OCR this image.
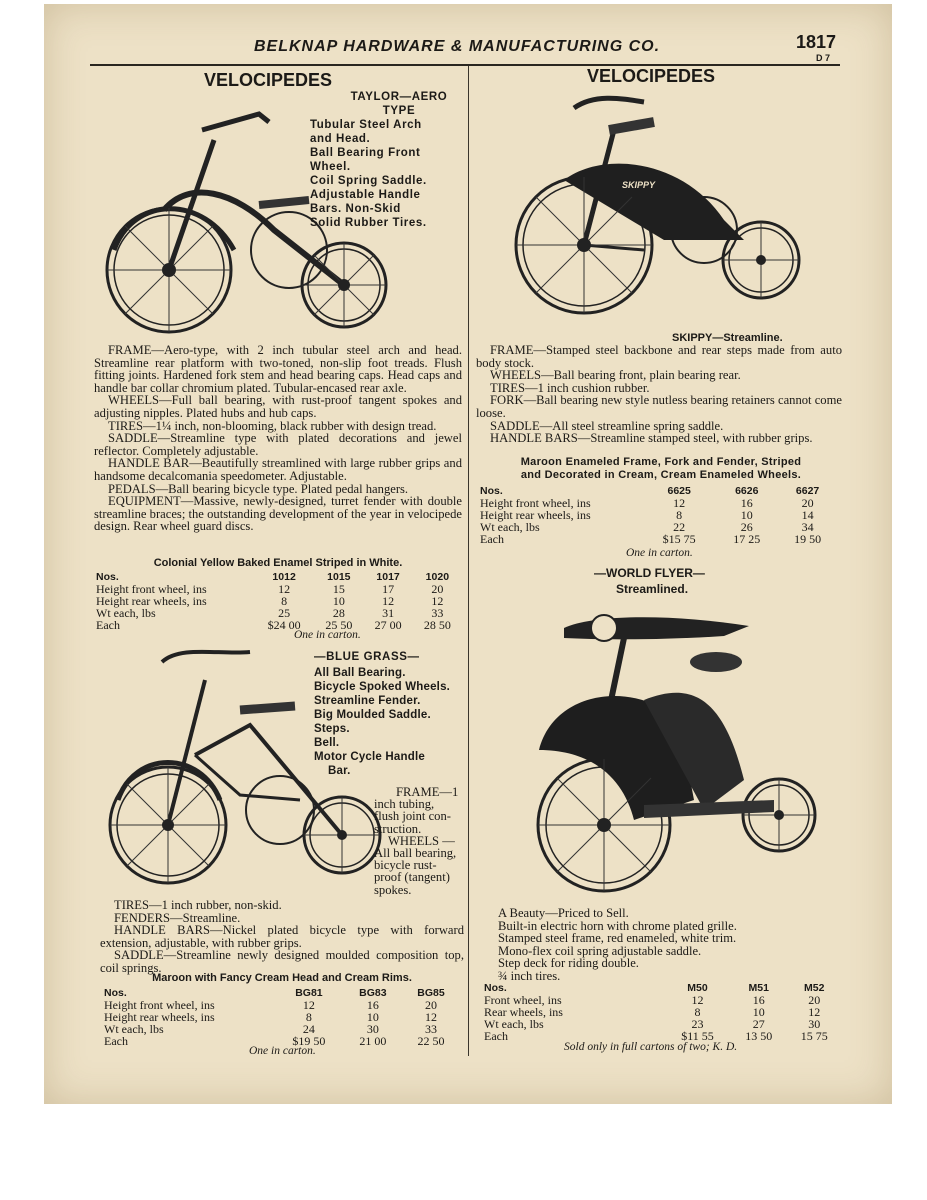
BELKNAP HARDWARE & MANUFACTURING CO.	1817
D 7
VELOCIPEDES
TAYLOR—AERO
TYPE
Tubular Steel Arch
and Head.
Ball Bearing Front
Wheel.
Coil Spring Saddle.
Adjustable Handle
Bars. Non-Skid
Solid Rubber Tires.

FRAME—Aero-type, with 2 inch tubular steel arch and head. Streamline rear platform with two-toned, non-slip foot treads. Flush fitting joints. Hardened fork stem and head bearing caps. Head caps and handle bar collar chromium plated. Tubular-encased rear axle.

WHEELS—Full ball bearing, with rust-proof tangent spokes and adjusting nipples. Plated hubs and hub caps.

TIRES—1¼ inch, non-blooming, black rubber with design tread.

SADDLE—Streamline type with plated decorations and jewel reflector. Completely adjustable.

HANDLE BAR—Beautifully streamlined with large rubber grips and handsome decalcomania speedometer. Adjustable.

PEDALS—Ball bearing bicycle type. Plated pedal hangers.

EQUIPMENT—Massive, newly-designed, turret fender with double streamline braces; the outstanding development of the year in velocipede design. Rear wheel guard discs.

Colonial Yellow Baked Enamel Striped in White.
Nos.	1012	1015	1017	1020
Height front wheel, ins	12	15	17	20
Height rear wheels, ins	8	10	12	12
Wt each, lbs	25	28	31	33
Each	$24 00	25 50	27 00	28 50
One in carton.
—BLUE GRASS—
All Ball Bearing.
Bicycle Spoked Wheels.
Streamline Fender.
Big Moulded Saddle.
Steps.
Bell.
Motor Cycle Handle
Bar.
FRAME—1
inch tubing,
flush joint con-
struction.
WHEELS —
All ball bearing,
bicycle rust-
proof (tangent)
spokes.

TIRES—1 inch rubber, non-skid.

FENDERS—Streamline.

HANDLE BARS—Nickel plated bicycle type with forward extension, adjustable, with rubber grips.

SADDLE—Streamline newly designed moulded composition top, coil springs.

Maroon with Fancy Cream Head and Cream Rims.
Nos.	BG81	BG83	BG85
Height front wheel, ins	12	16	20
Height rear wheels, ins	8	10	12
Wt each, lbs	24	30	33
Each	$19 50	21 00	22 50
One in carton.
VELOCIPEDES
SKIPPY
SKIPPY—Streamline.

FRAME—Stamped steel backbone and rear steps made from auto body stock.

WHEELS—Ball bearing front, plain bearing rear.

TIRES—1 inch cushion rubber.

FORK—Ball bearing new style nutless bearing retainers cannot come loose.

SADDLE—All steel streamline spring saddle.

HANDLE BARS—Streamline stamped steel, with rubber grips.

Maroon Enameled Frame, Fork and Fender, Striped
and Decorated in Cream, Cream Enameled Wheels.
Nos.	6625	6626	6627
Height front wheel, ins	12	16	20
Height rear wheels, ins	8	10	14
Wt each, lbs	22	26	34
Each	$15 75	17 25	19 50
One in carton.
—WORLD FLYER—
Streamlined.
A Beauty—Priced to Sell.
Built-in electric horn with chrome plated grille.
Stamped steel frame, red enameled, white trim.
Mono-flex coil spring adjustable saddle.
Step deck for riding double.
¾ inch tires.
Nos.	M50	M51	M52
Front wheel, ins	12	16	20
Rear wheels, ins	8	10	12
Wt each, lbs	23	27	30
Each	$11 55	13 50	15 75
Sold only in full cartons of two; K. D.
